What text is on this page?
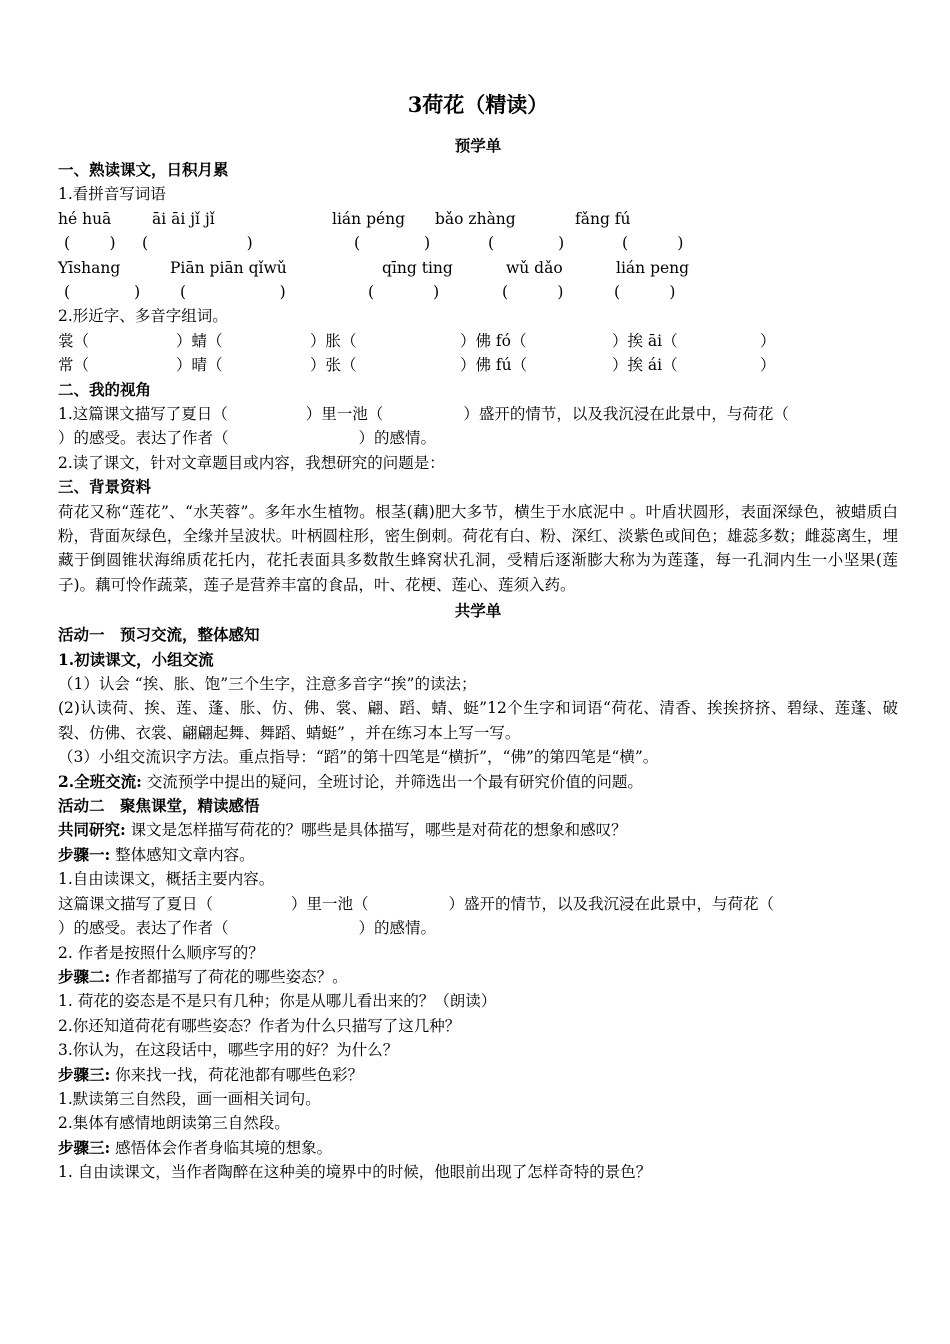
3荷花（精读）
预学单
一、熟读课文，日积月累
1.看拼音写词语
hé huā	āi āi jǐ jǐ	lián péng	bǎo zhàng	fǎng fú
(        )	(                    )	(             )	(             )	(          )
Yīshang	Piān piān qǐwǔ	qīng ting	wǔ dǎo	lián peng
(             )	(                   )	(            )	(          )	(          )
2.形近字、多音字组词。
裳（	）蜻（	）胀（	）佛 fó（	）挨 āi（	）
常（	）晴（	）张（	）佛 fú（	）挨 ái（	）
二、我的视角
1.这篇课文描写了夏日（	）里一池（	）盛开的情节，以及我沉浸在此景中，与荷花（
）的感受。表达了作者（	）的感情。
2.读了课文，针对文章题目或内容，我想研究的问题是：
三、背景资料
荷花又称“莲花”、“水芙蓉”。多年水生植物。根茎(藕)肥大多节，横生于水底泥中 。叶盾状圆形，表面深绿色，被蜡质白粉，背面灰绿色，全缘并呈波状。叶柄圆柱形，密生倒刺。荷花有白、粉、深红、淡紫色或间色；雄蕊多数；雌蕊离生，埋藏于倒圆锥状海绵质花托内，花托表面具多数散生蜂窝状孔洞，受精后逐渐膨大称为为莲蓬，每一孔洞内生一小坚果(莲子)。藕可怜作蔬菜，莲子是营养丰富的食品，叶、花梗、莲心、莲须入药。
共学单
活动一　预习交流，整体感知
1.初读课文，小组交流
（1）认会 “挨、胀、饱”三个生字，注意多音字“挨”的读法；
(2)认读荷、挨、莲、蓬、胀、仿、佛、裳、翩、蹈、蜻、蜓”12个生字和词语“荷花、清香、挨挨挤挤、碧绿、莲蓬、破裂、仿佛、衣裳、翩翩起舞、舞蹈、蜻蜓” ，并在练习本上写一写。
（3）小组交流识字方法。重点指导：“蹈”的第十四笔是“横折”，“佛”的第四笔是“横”。
2.全班交流: 交流预学中提出的疑问，全班讨论，并筛选出一个最有研究价值的问题。
活动二　聚焦课堂，精读感悟
共同研究: 课文是怎样描写荷花的？哪些是具体描写，哪些是对荷花的想象和感叹？
步骤一: 整体感知文章内容。
1.自由读课文，概括主要内容。
这篇课文描写了夏日（	）里一池（	）盛开的情节，以及我沉浸在此景中，与荷花（
）的感受。表达了作者（	）的感情。
2. 作者是按照什么顺序写的？
步骤二: 作者都描写了荷花的哪些姿态？。
1. 荷花的姿态是不是只有几种；你是从哪儿看出来的？（朗读）
2.你还知道荷花有哪些姿态？作者为什么只描写了这几种？
3.你认为，在这段话中，哪些字用的好？为什么？
步骤三: 你来找一找，荷花池都有哪些色彩？
1.默读第三自然段，画一画相关词句。
2.集体有感情地朗读第三自然段。
步骤三: 感悟体会作者身临其境的想象。
1. 自由读课文，当作者陶醉在这种美的境界中的时候，他眼前出现了怎样奇特的景色？
